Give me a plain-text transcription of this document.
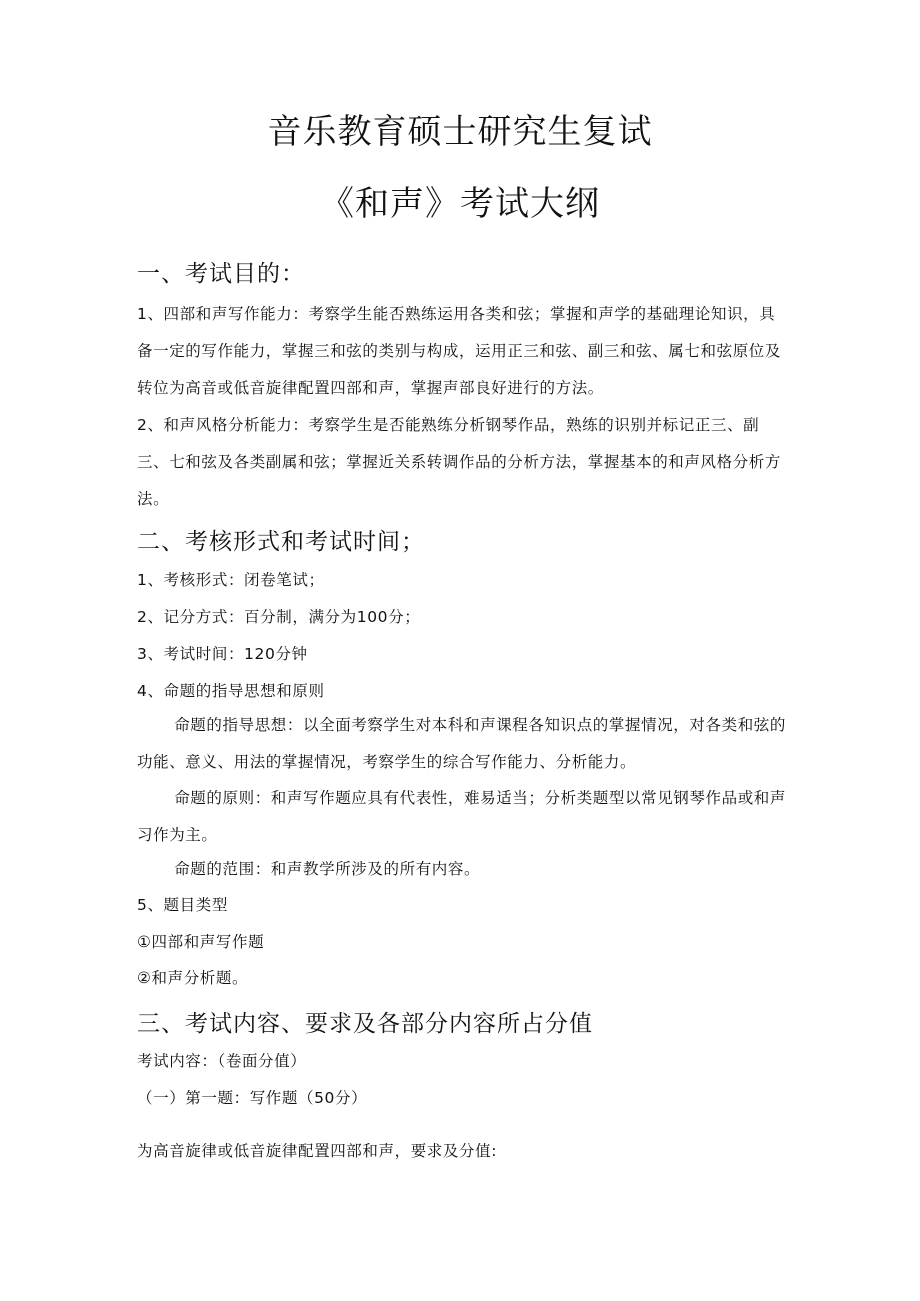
音乐教育硕士研究生复试
《和声》考试大纲
一、考试目的：
1、四部和声写作能力：考察学生能否熟练运用各类和弦；掌握和声学的基础理论知识，具备一定的写作能力，掌握三和弦的类别与构成，运用正三和弦、副三和弦、属七和弦原位及转位为高音或低音旋律配置四部和声，掌握声部良好进行的方法。
2、和声风格分析能力：考察学生是否能熟练分析钢琴作品，熟练的识别并标记正三、副三、七和弦及各类副属和弦；掌握近关系转调作品的分析方法，掌握基本的和声风格分析方法。
二、考核形式和考试时间；
1、考核形式：闭卷笔试；
2、记分方式：百分制，满分为100分；
3、考试时间：120分钟
4、命题的指导思想和原则
命题的指导思想：以全面考察学生对本科和声课程各知识点的掌握情况，对各类和弦的功能、意义、用法的掌握情况，考察学生的综合写作能力、分析能力。
命题的原则：和声写作题应具有代表性，难易适当；分析类题型以常见钢琴作品或和声习作为主。
命题的范围：和声教学所涉及的所有内容。
5、题目类型
①四部和声写作题
②和声分析题。
三、考试内容、要求及各部分内容所占分值
考试内容：（卷面分值）
（一）第一题：写作题（50分）
为高音旋律或低音旋律配置四部和声，要求及分值:
